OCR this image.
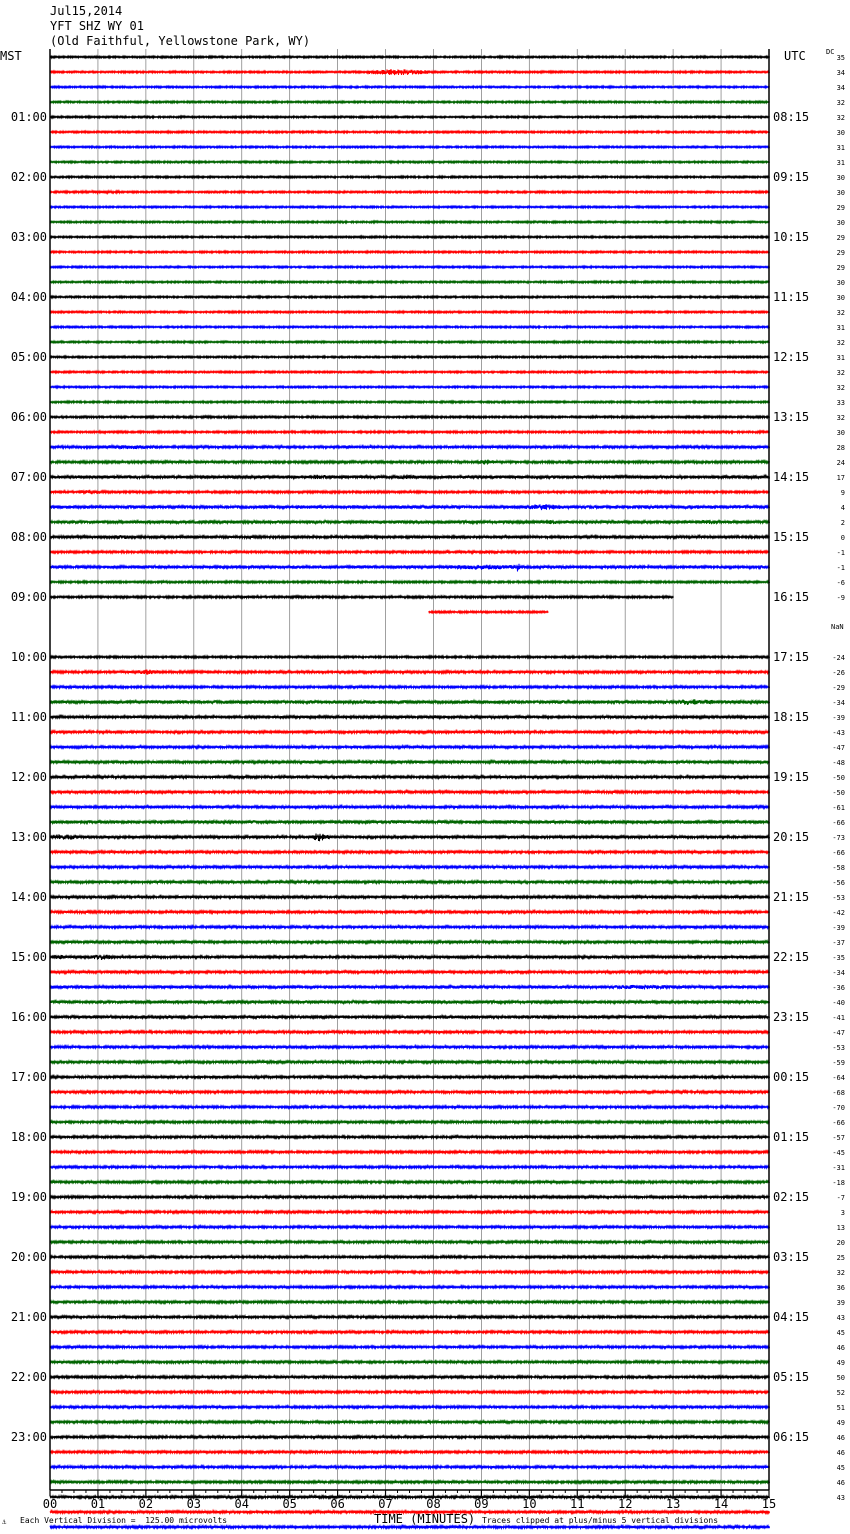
00	01	02	03	04	05	06	07	08	09	10	11	12	13	14	15
01:00
02:00
03:00
04:00
05:00
06:00
07:00
08:00
09:00
10:00
11:00
12:00
13:00
14:00
15:00
16:00
17:00
18:00
19:00
20:00
21:00
22:00
23:00
08:15
09:15
10:15
11:15
12:15
13:15
14:15
15:15
16:15
17:15
18:15
19:15
20:15
21:15
22:15
23:15
00:15
01:15
02:15
03:15
04:15
05:15
06:15
35
34
34
32
32
30
31
31
30
30
29
30
29
29
29
30
30
32
31
32
31
32
32
33
32
30
28
24
17
9
4
2
0
-1
-1
-6
-9
-24
-26
-29
-34
-39
-43
-47
-48
-50
-50
-61
-66
-73
-66
-58
-56
-53
-42
-39
-37
-35
-34
-36
-40
-41
-47
-53
-59
-64
-68
-70
-66
-57
-45
-31
-18
-7
3
13
20
25
32
36
39
43
45
46
49
50
52
51
49
46
46
45
46
43
Jul15,2014
YFT SHZ WY 01
(Old Faithful, Yellowstone Park, WY)
MST	UTC	DC
NaN
TIME (MINUTES)
Each Vertical Division =  125.00 microvolts	Traces clipped at plus/minus 5 vertical divisions
⚓
